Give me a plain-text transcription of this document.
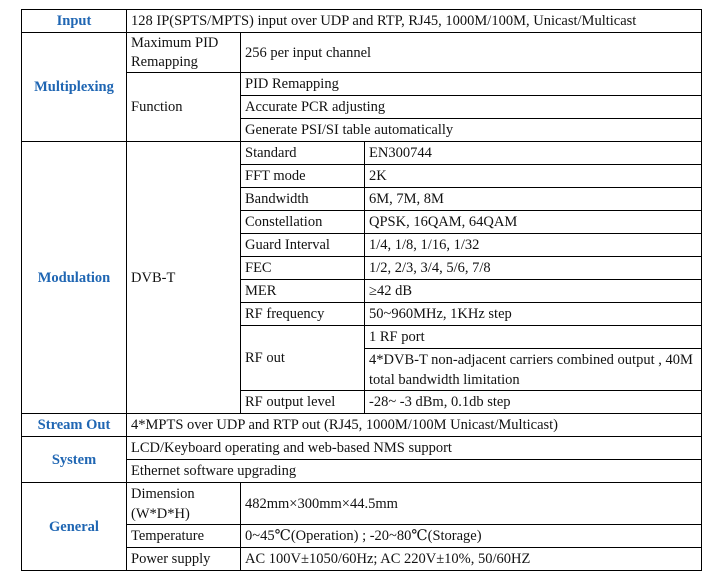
Input	128 IP(SPTS/MPTS) input over UDP and RTP, RJ45, 1000M/100M, Unicast/Multicast		
Multiplexing	Maximum PID Remapping	256 per input channel	
	Function	PID Remapping	
		Accurate PCR adjusting	
		Generate PSI/SI table automatically	
Modulation	DVB-T	Standard	EN300744
		FFT mode	2K
		Bandwidth	6M, 7M, 8M
		Constellation	QPSK, 16QAM, 64QAM
		Guard Interval	1/4, 1/8, 1/16, 1/32
		FEC	1/2, 2/3, 3/4, 5/6, 7/8
		MER	≥42 dB
		RF frequency	50~960MHz, 1KHz step
		RF out	1 RF port
			4*DVB-T non-adjacent carriers combined output , 40M total bandwidth limitation
		RF output level	-28~ -3 dBm, 0.1db step
Stream Out	4*MPTS over UDP and RTP out (RJ45, 1000M/100M Unicast/Multicast)		
System	LCD/Keyboard operating and web-based NMS support		
	Ethernet software upgrading		
General	Dimension (W*D*H)	482mm×300mm×44.5mm	
	Temperature	0~45℃(Operation) ; -20~80℃(Storage)	
	Power supply	AC 100V±1050/60Hz; AC 220V±10%, 50/60HZ	
